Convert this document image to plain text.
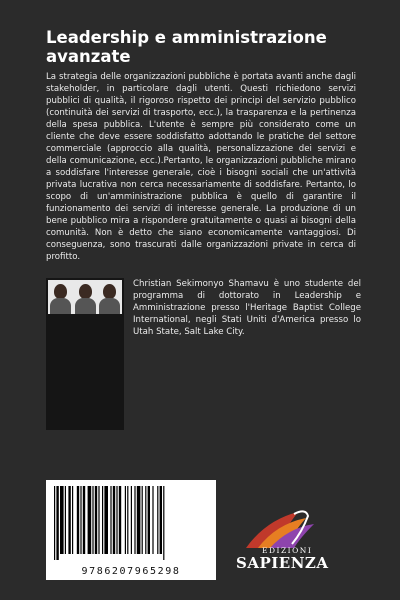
Leadership e amministrazione avanzate

La strategia delle organizzazioni pubbliche è portata avanti anche dagli stakeholder, in particolare dagli utenti. Questi richiedono servizi pubblici di qualità, il rigoroso rispetto dei principi del servizio pubblico (continuità dei servizi di trasporto, ecc.), la trasparenza e la pertinenza della spesa pubblica. L'utente è sempre più considerato come un cliente che deve essere soddisfatto adottando le pratiche del settore commerciale (approccio alla qualità, personalizzazione dei servizi e della comunicazione, ecc.).Pertanto, le organizzazioni pubbliche mirano a soddisfare l'interesse generale, cioè i bisogni sociali che un'attività privata lucrativa non cerca necessariamente di soddisfare. Pertanto, lo scopo di un'amministrazione pubblica è quello di garantire il funzionamento dei servizi di interesse generale. La produzione di un bene pubblico mira a rispondere gratuitamente o quasi ai bisogni della comunità. Non è detto che siano economicamente vantaggiosi. Di conseguenza, sono trascurati dalle organizzazioni private in cerca di profitto.

Christian Sekimonyo Shamavu è uno studente del programma di dottorato in Leadership e Amministrazione presso l'Heritage Baptist College International, negli Stati Uniti d'America presso lo Utah State, Salt Lake City.

9786207965298
EDIZIONI
SAPIENZA
